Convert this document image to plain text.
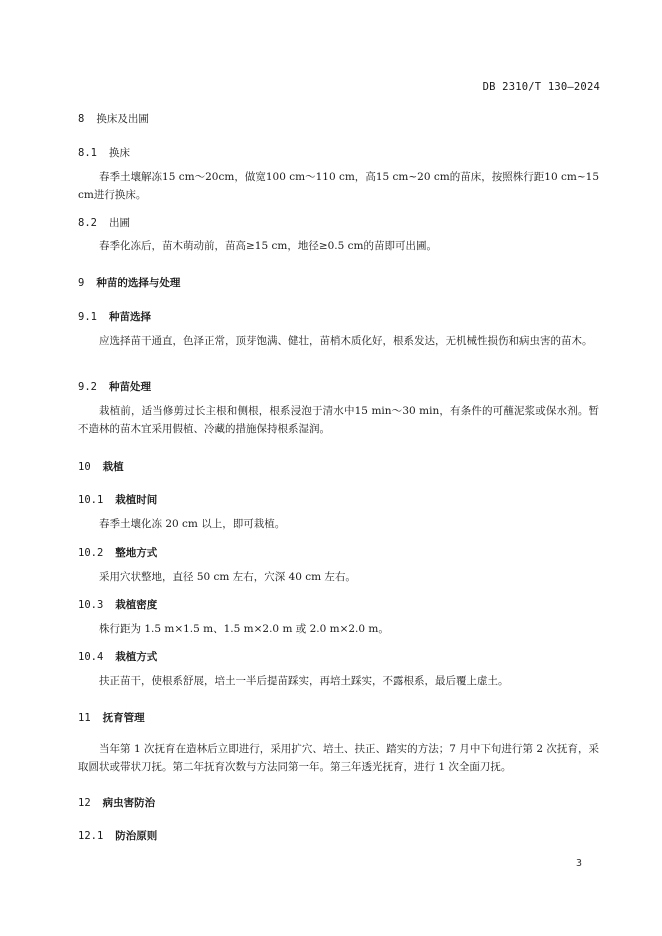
DB 2310/T 130—2024
8 换床及出圃
8.1 换床
8.2 出圃
9 种苗的选择与处理
9.1 种苗选择
9.2 种苗处理
10 栽植
10.1 栽植时间
10.2 整地方式
10.3 栽植密度
10.4 栽植方式
11 抚育管理
12 病虫害防治
12.1 防治原则
春季土壤解冻15 cm～20cm，做宽100 cm～110 cm，高15 cm~20 cm的苗床，按照株行距10 cm~15 cm进行换床。
春季化冻后，苗木萌动前，苗高≥15 cm，地径≥0.5 cm的苗即可出圃。
应选择苗干通直，色泽正常，顶芽饱满、健壮，苗梢木质化好，根系发达，无机械性损伤和病虫害的苗木。
栽植前，适当修剪过长主根和侧根，根系浸泡于清水中15 min～30 min，有条件的可蘸泥浆或保水剂。暂不造林的苗木宜采用假植、冷藏的措施保持根系湿润。
春季土壤化冻 20 cm 以上，即可栽植。
采用穴状整地，直径 50 cm 左右，穴深 40 cm 左右。
株行距为 1.5 m×1.5 m、1.5 m×2.0 m 或 2.0 m×2.0 m。
扶正苗干，使根系舒展，培土一半后提苗踩实，再培土踩实，不露根系，最后覆上虚土。
当年第 1 次抚育在造林后立即进行，采用扩穴、培土、扶正、踏实的方法；7 月中下旬进行第 2 次抚育，采取圆状或带状刀抚。第二年抚育次数与方法同第一年。第三年透光抚育，进行 1 次全面刀抚。
3
